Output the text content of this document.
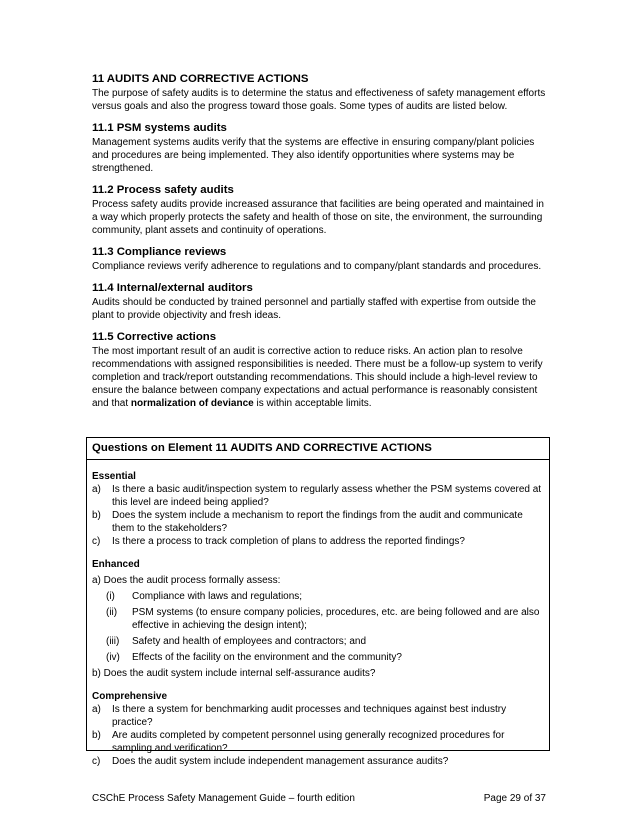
11 AUDITS AND CORRECTIVE ACTIONS

The purpose of safety audits is to determine the status and effectiveness of safety management efforts versus goals and also the progress toward those goals. Some types of audits are listed below.

11.1 PSM systems audits

Management systems audits verify that the systems are effective in ensuring company/plant policies and procedures are being implemented. They also identify opportunities where systems may be strengthened.

11.2 Process safety audits

Process safety audits provide increased assurance that facilities are being operated and maintained in a way which properly protects the safety and health of those on site, the environment, the surrounding community, plant assets and continuity of operations.

11.3 Compliance reviews

Compliance reviews verify adherence to regulations and to company/plant standards and procedures.

11.4 Internal/external auditors

Audits should be conducted by trained personnel and partially staffed with expertise from outside the plant to provide objectivity and fresh ideas.

11.5 Corrective actions

The most important result of an audit is corrective action to reduce risks. An action plan to resolve recommendations with assigned responsibilities is needed. There must be a follow-up system to verify completion and track/report outstanding recommendations. This should include a high-level review to ensure the balance between company expectations and actual performance is reasonably consistent and that normalization of deviance is within acceptable limits.

Questions on Element 11 AUDITS AND CORRECTIVE ACTIONS
Essential
a)	Is there a basic audit/inspection system to regularly assess whether the PSM systems covered at this level are indeed being applied?
b)	Does the system include a mechanism to report the findings from the audit and communicate them to the stakeholders?
c)	Is there a process to track completion of plans to address the reported findings?
Enhanced
a) Does the audit process formally assess:
(i)	Compliance with laws and regulations;
(ii)	PSM systems (to ensure company policies, procedures, etc. are being followed and are also effective in achieving the design intent);
(iii)	Safety and health of employees and contractors; and
(iv)	Effects of the facility on the environment and the community?
b) Does the audit system include internal self-assurance audits?
Comprehensive
a)	Is there a system for benchmarking audit processes and techniques against best industry practice?
b)	Are audits completed by competent personnel using generally recognized procedures for sampling and verification?
c)	Does the audit system include independent management assurance audits?
CSChE Process Safety Management Guide – fourth edition	Page 29 of 37
